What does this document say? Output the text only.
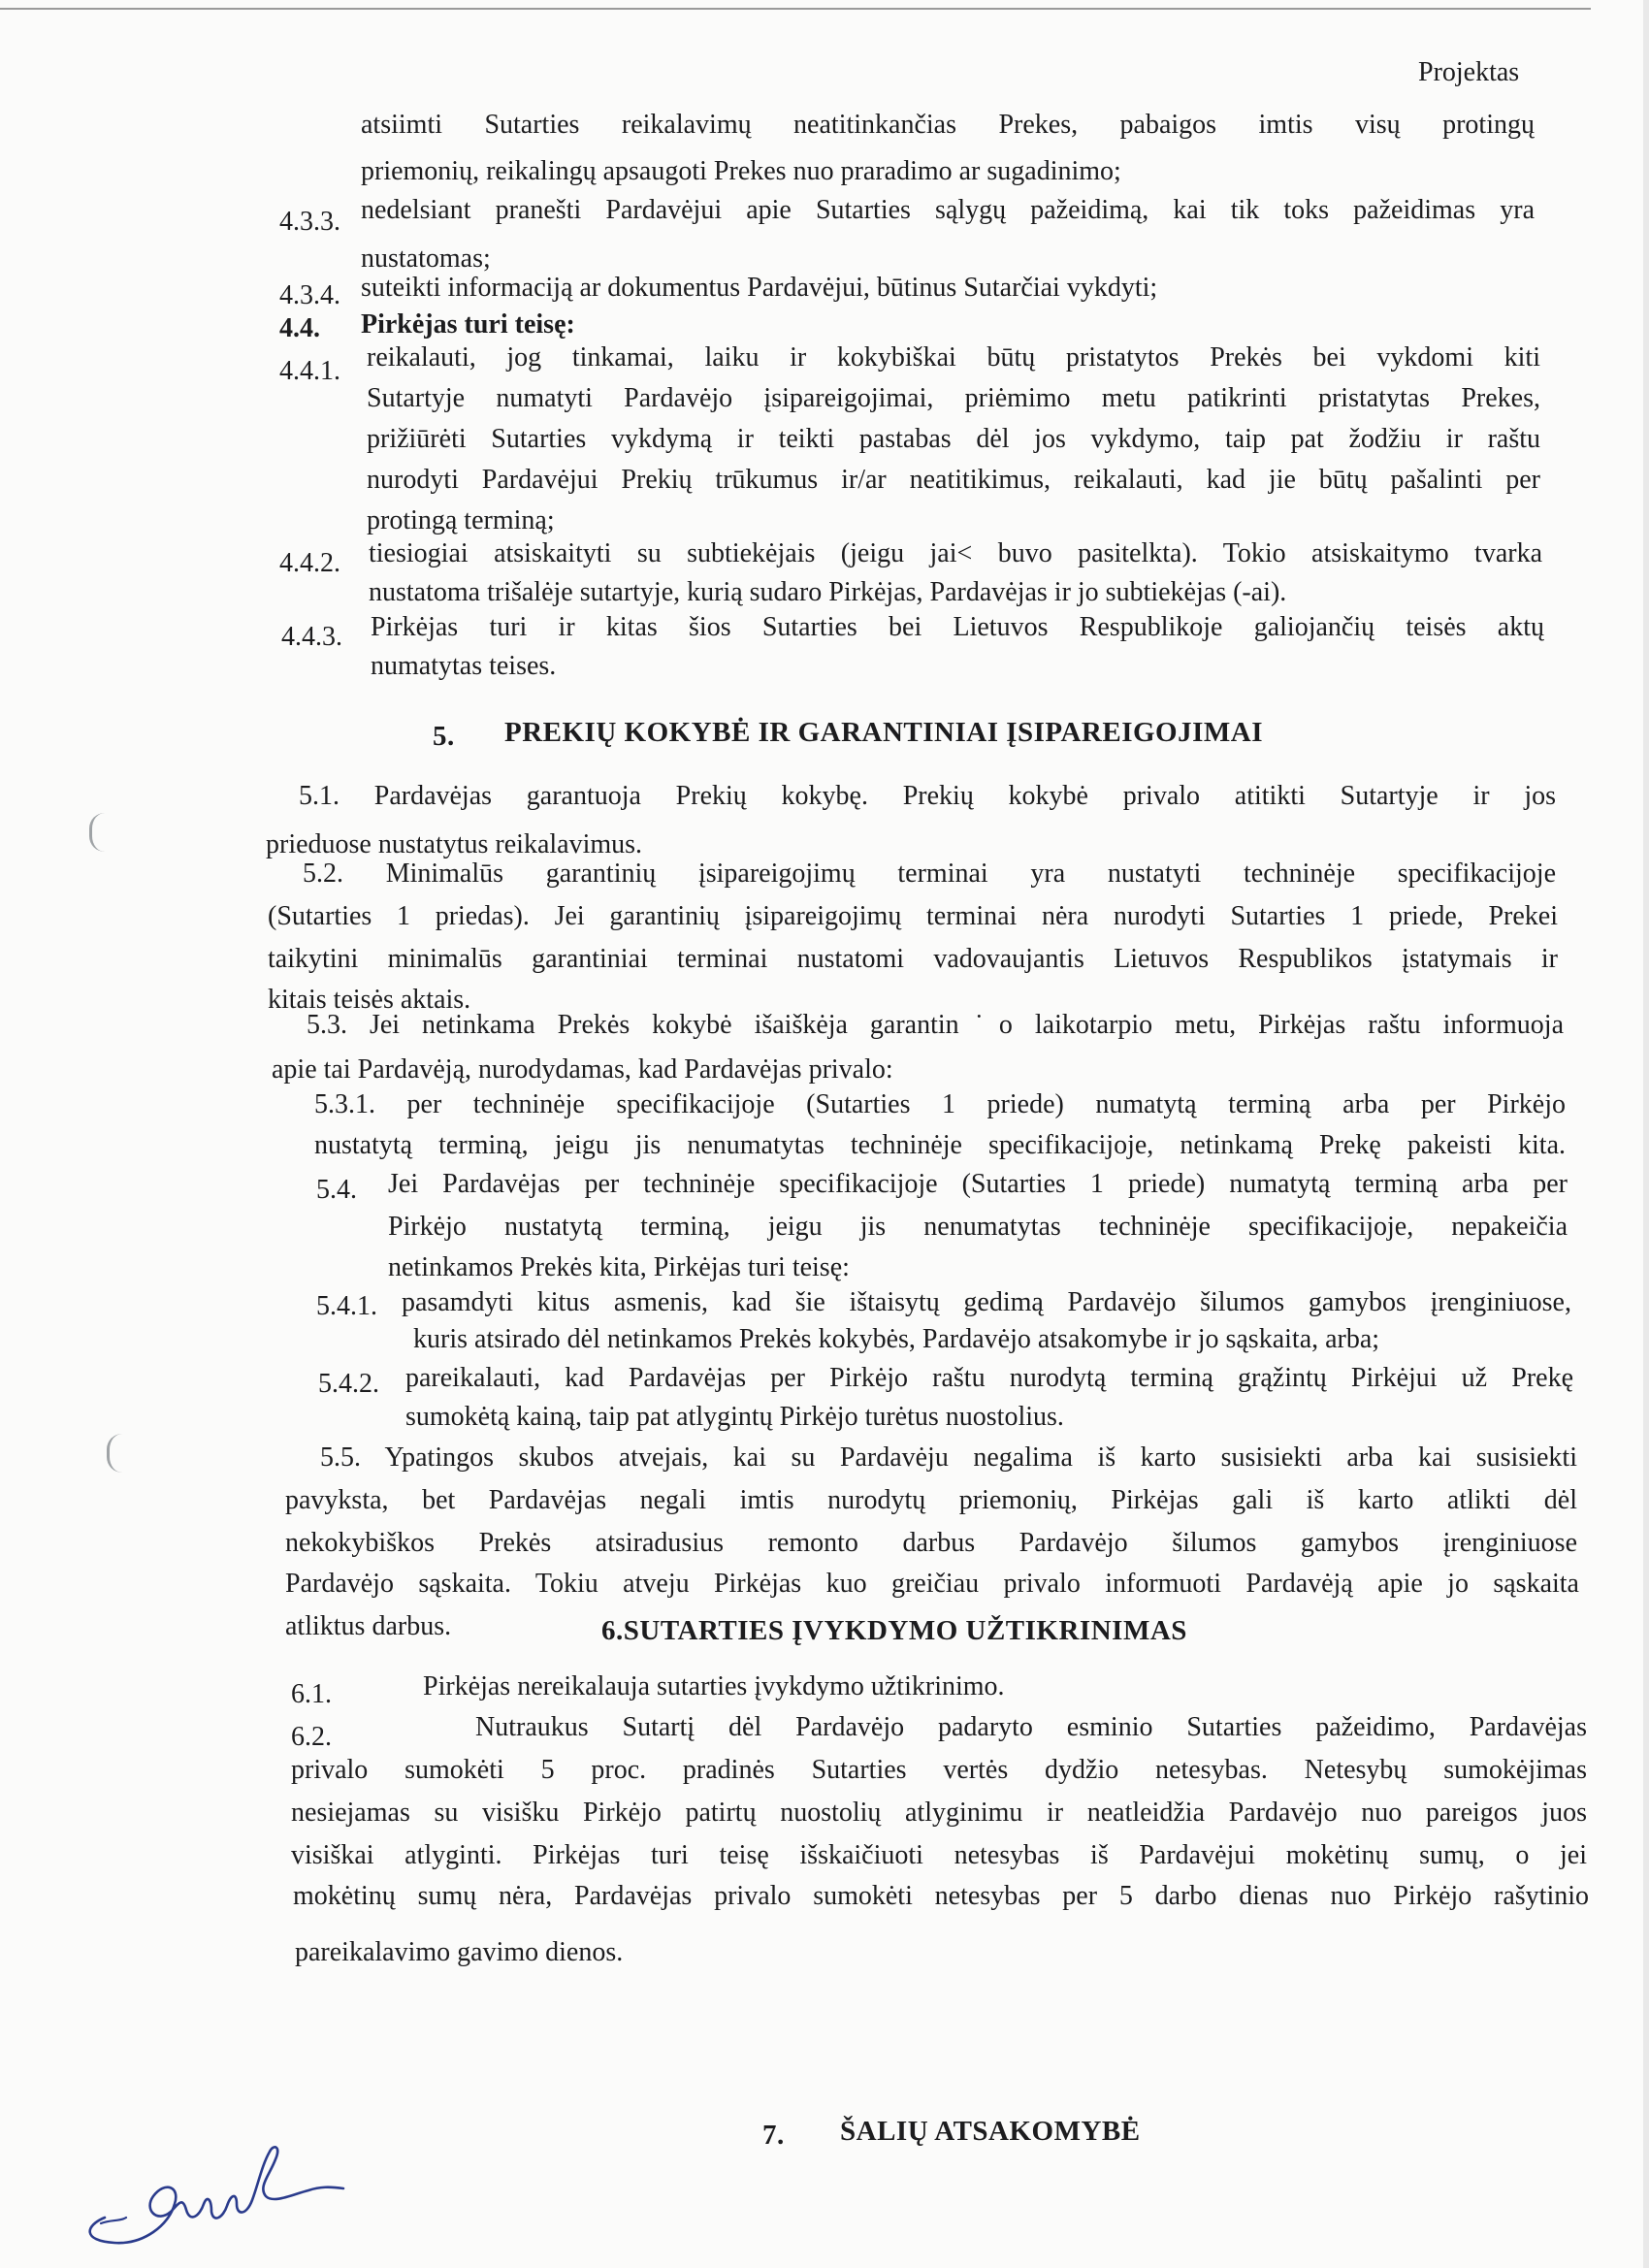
Projektas
atsiimti Sutarties reikalavimų neatitinkančias Prekes, pabaigos imtis visų protingų
priemonių, reikalingų apsaugoti Prekes nuo praradimo ar sugadinimo;
4.3.3. nedelsiant pranešti Pardavėjui apie Sutarties sąlygų pažeidimą, kai tik toks pažeidimas yra
nustatomas;
4.3.4. suteikti informaciją ar dokumentus Pardavėjui, būtinus Sutarčiai vykdyti;
4.4. Pirkėjas turi teisę:
4.4.1. reikalauti, jog tinkamai, laiku ir kokybiškai būtų pristatytos Prekės bei vykdomi kiti
Sutartyje numatyti Pardavėjo įsipareigojimai, priėmimo metu patikrinti pristatytas Prekes,
prižiūrėti Sutarties vykdymą ir teikti pastabas dėl jos vykdymo, taip pat žodžiu ir raštu
nurodyti Pardavėjui Prekių trūkumus ir/ar neatitikimus, reikalauti, kad jie būtų pašalinti per
protingą terminą;
4.4.2. tiesiogiai atsiskaityti su subtiekėjais (jeigu jai< buvo pasitelkta). Tokio atsiskaitymo tvarka
nustatoma trišalėje sutartyje, kurią sudaro Pirkėjas, Pardavėjas ir jo subtiekėjas (-ai).
4.4.3. Pirkėjas turi ir kitas šios Sutarties bei Lietuvos Respublikoje galiojančių teisės aktų
numatytas teises.
5. PREKIŲ KOKYBĖ IR GARANTINIAI ĮSIPAREIGOJIMAI
5.1. Pardavėjas garantuoja Prekių kokybę. Prekių kokybė privalo atitikti Sutartyje ir jos
prieduose nustatytus reikalavimus.
5.2. Minimalūs garantinių įsipareigojimų terminai yra nustatyti techninėje specifikacijoje
(Sutarties 1 priedas). Jei garantinių įsipareigojimų terminai nėra nurodyti Sutarties 1 priede, Prekei
taikytini minimalūs garantiniai terminai nustatomi vadovaujantis Lietuvos Respublikos įstatymais ir
kitais teisės aktais.
5.3. Jei netinkama Prekės kokybė išaiškėja garantin˙o laikotarpio metu, Pirkėjas raštu informuoja
apie tai Pardavėją, nurodydamas, kad Pardavėjas privalo:
5.3.1. per techninėje specifikacijoje (Sutarties 1 priede) numatytą terminą arba per Pirkėjo
nustatytą terminą, jeigu jis nenumatytas techninėje specifikacijoje, netinkamą Prekę pakeisti kita.
5.4. Jei Pardavėjas per techninėje specifikacijoje (Sutarties 1 priede) numatytą terminą arba per
Pirkėjo nustatytą terminą, jeigu jis nenumatytas techninėje specifikacijoje, nepakeičia
netinkamos Prekės kita, Pirkėjas turi teisę:
5.4.1. pasamdyti kitus asmenis, kad šie ištaisytų gedimą Pardavėjo šilumos gamybos įrenginiuose,
kuris atsirado dėl netinkamos Prekės kokybės, Pardavėjo atsakomybe ir jo sąskaita, arba;
5.4.2. pareikalauti, kad Pardavėjas per Pirkėjo raštu nurodytą terminą grąžintų Pirkėjui už Prekę
sumokėtą kainą, taip pat atlygintų Pirkėjo turėtus nuostolius.
5.5. Ypatingos skubos atvejais, kai su Pardavėju negalima iš karto susisiekti arba kai susisiekti
pavyksta, bet Pardavėjas negali imtis nurodytų priemonių, Pirkėjas gali iš karto atlikti dėl
nekokybiškos Prekės atsiradusius remonto darbus Pardavėjo šilumos gamybos įrenginiuose
Pardavėjo sąskaita. Tokiu atveju Pirkėjas kuo greičiau privalo informuoti Pardavėją apie jo sąskaita
atliktus darbus.	6.SUTARTIES ĮVYKDYMO UŽTIKRINIMAS
6.1.	Pirkėjas nereikalauja sutarties įvykdymo užtikrinimo.
6.2.	Nutraukus Sutartį dėl Pardavėjo padaryto esminio Sutarties pažeidimo, Pardavėjas
privalo sumokėti 5 proc. pradinės Sutarties vertės dydžio netesybas. Netesybų sumokėjimas
nesiejamas su visišku Pirkėjo patirtų nuostolių atlyginimu ir neatleidžia Pardavėjo nuo pareigos juos
visiškai atlyginti. Pirkėjas turi teisę išskaičiuoti netesybas iš Pardavėjui mokėtinų sumų, o jei
mokėtinų sumų nėra, Pardavėjas privalo sumokėti netesybas per 5 darbo dienas nuo Pirkėjo rašytinio
pareikalavimo gavimo dienos.
7. ŠALIŲ ATSAKOMYBĖ
